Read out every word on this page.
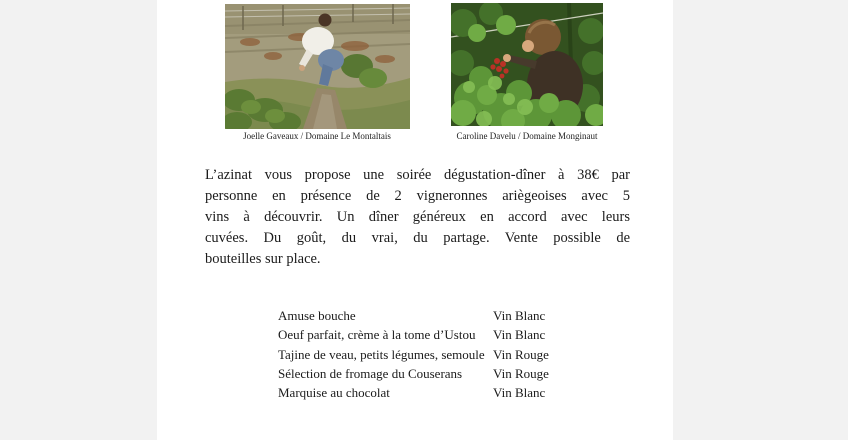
Joelle Gaveaux / Domaine Le Montaltais	Caroline Davelu / Domaine Monginaut
L’azinat vous propose une soirée dégustation-dîner à 38€ par
personne en présence de 2 vigneronnes ariègeoises avec 5
vins à découvrir. Un dîner généreux en accord avec leurs
cuvées. Du goût, du vrai, du partage. Vente possible de
bouteilles sur place.
Amuse bouche	Vin Blanc
Oeuf parfait, crème à la tome d’Ustou	Vin Blanc
Tajine de veau, petits légumes, semoule Vin Rouge
Sélection de fromage du Couserans	Vin Rouge
Marquise au chocolat	Vin Blanc
